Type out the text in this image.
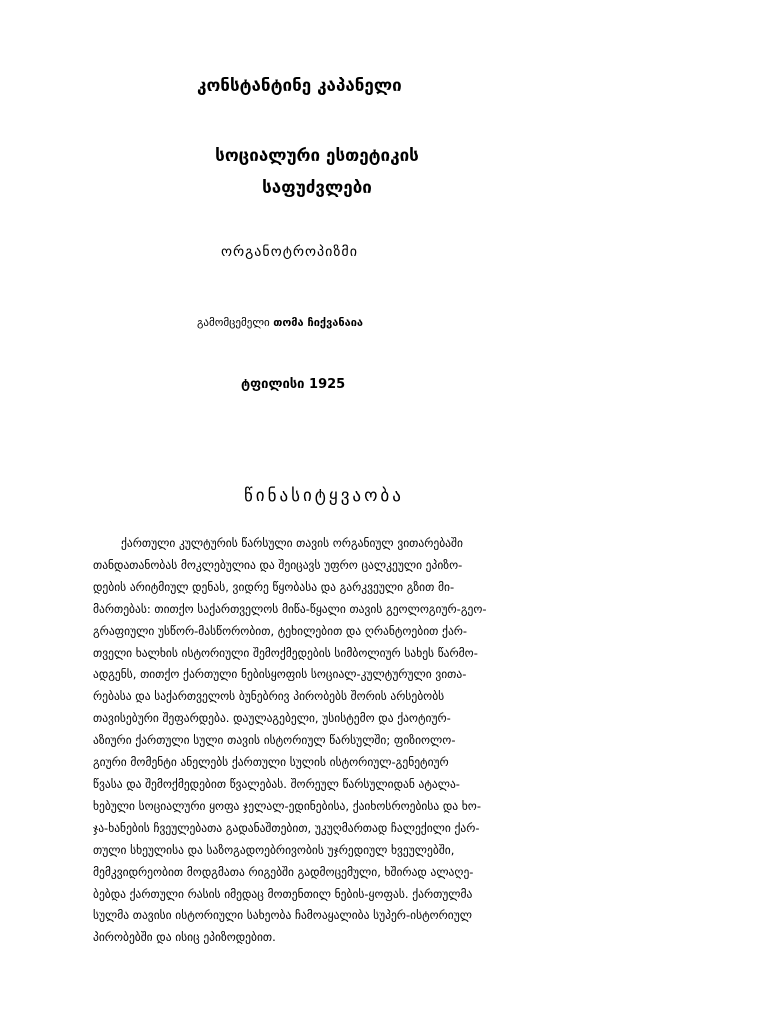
კონსტანტინე კაპანელი
სოციალური ესთეტიკის
საფუძვლები
ორგანოტროპიზმი
გამომცემელი თომა ჩიქვანაია
ტფილისი 1925
წინასიტყვაობა
ქართული კულტურის წარსული თავის ორგანიულ ვითარებაში
თანდათანობას მოკლებულია და შეიცავს უფრო ცალკეული ეპიზო-
დების არიტმიულ დენას, ვიდრე წყობასა და გარკვეული გზით მი-
მართებას: თითქო საქართველოს მიწა-წყალი თავის გეოლოგიურ-გეო-
გრაფიული უსწორ-მასწორობით, ტეხილებით და ღრანტოებით ქარ-
თველი ხალხის ისტორიული შემოქმედების სიმბოლიურ სახეს წარმო-
ადგენს, თითქო ქართული ნებისყოფის სოციალ-კულტურული ვითა-
რებასა და საქართველოს ბუნებრივ პირობებს შორის არსებობს
თავისებური შეფარდება. დაულაგებელი, უსისტემო და ქაოტიურ-
აზიური ქართული სული თავის ისტორიულ წარსულში; ფიზიოლო-
გიური მომენტი ანელებს ქართული სულის ისტორიულ-გენეტიურ
წვასა და შემოქმედებით წვალებას. შორეულ წარსულიდან ატალა-
ხებული სოციალური ყოფა ჯელალ-ედინებისა, ქაიხოსროებისა და ხო-
ჯა-ხანების ჩვეულებათა გადანაშთებით, უკუღმართად ჩალექილი ქარ-
თული სხეულისა და საზოგადოებრივობის უჯრედიულ ხვეულებში,
მემკვიდრეობით მოდგმათა რიგებში გადმოცემული, ხშირად ალაღე-
ბებდა ქართული რასის იმედაც მოთენთილ ნების-ყოფას. ქართულმა
სულმა თავისი ისტორიული სახეობა ჩამოაყალიბა სუპერ-ისტორიულ
პირობებში და ისიც ეპიზოდებით.
